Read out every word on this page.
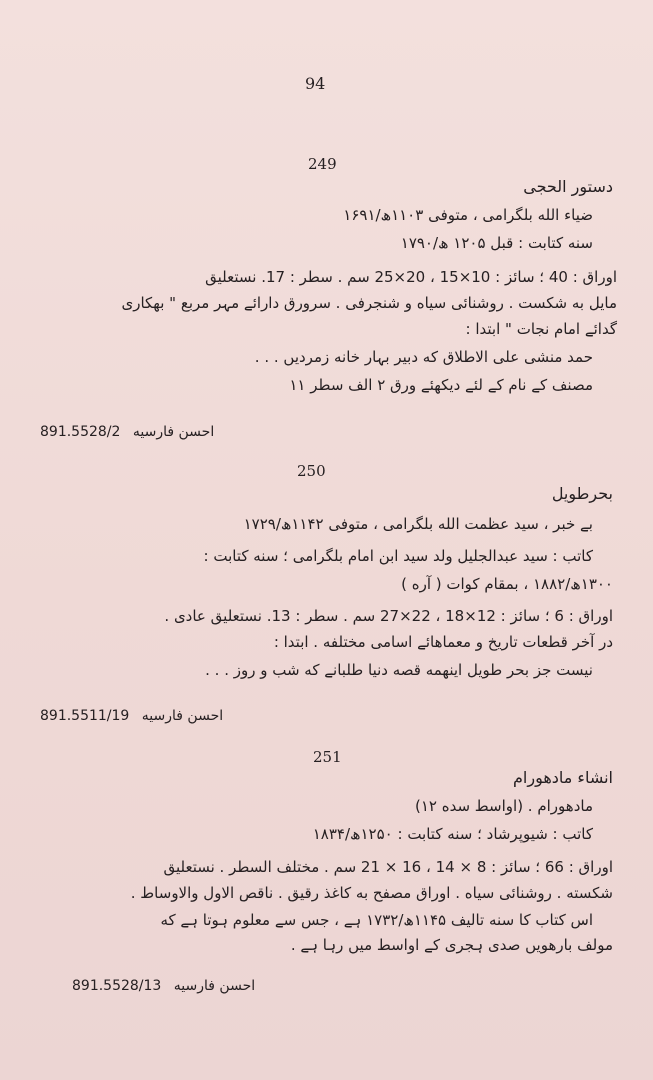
94
249
دستور الحجی
ضیاء الله بلگرامی ، متوفی ۱۱۰۳ھ/۱۶۹۱
سنه کتابت : قبل ۱۲۰۵ ھ/۱۷۹۰
اوراق : 40 ؛ سائز : 10×15 ، 20×25 سم . سطر : 17. نستعلیق
مایل به شکست . روشنائی سیاه و شنجرفی . سرورق دارائے مہر مربع " بھکاری
گدائے امام نجات " ابتدا :
حمد منشی علی الاطلاق که دبیر بہار خانه زمردیں . . .
مصنف کے نام کے لئے دیکھئے ورق ۲ الف سطر ۱۱
891.5528/2 احسن فارسیه
250
بحرطویل
بے خبر ، سید عظمت الله بلگرامی ، متوفی ۱۱۴۲ھ/۱۷۲۹
کاتب : سید عبدالجلیل ولد سید ابن امام بلگرامی ؛ سنه کتابت :
۱۳۰۰ھ/۱۸۸۲ ، بمقام کوات ( آره )
اوراق : 6 ؛ سائز : 12×18 ، 22×27 سم . سطر : 13. نستعلیق عادی .
در آخر قطعات تاریخ و معماهائے اسامی مختلفه . ابتدا :
نیست جز بحر طویل اینهمه قصه دنیا طلبانے که شب و روز . . .
891.5511/19 احسن فارسیه
251
انشاء مادھورام
مادھورام . (اواسط سده ۱۲)
کاتب : شیوپرشاد ؛ سنه کتابت : ۱۲۵۰ھ/۱۸۳۴
اوراق : 66 ؛ سائز : 8 × 14 ، 16 × 21 سم . مختلف السطر . نستعلیق
شکسته . روشنائی سیاه . اوراق مصفح به کاغذ رقیق . ناقص الاول والاوساط .
اس کتاب کا سنه تالیف ۱۱۴۵ھ/۱۷۳۲ ہے ، جس سے معلوم ہوتا ہے که
مولف بارھویں صدی ہجری کے اواسط میں رہا ہے .
891.5528/13 احسن فارسیه
